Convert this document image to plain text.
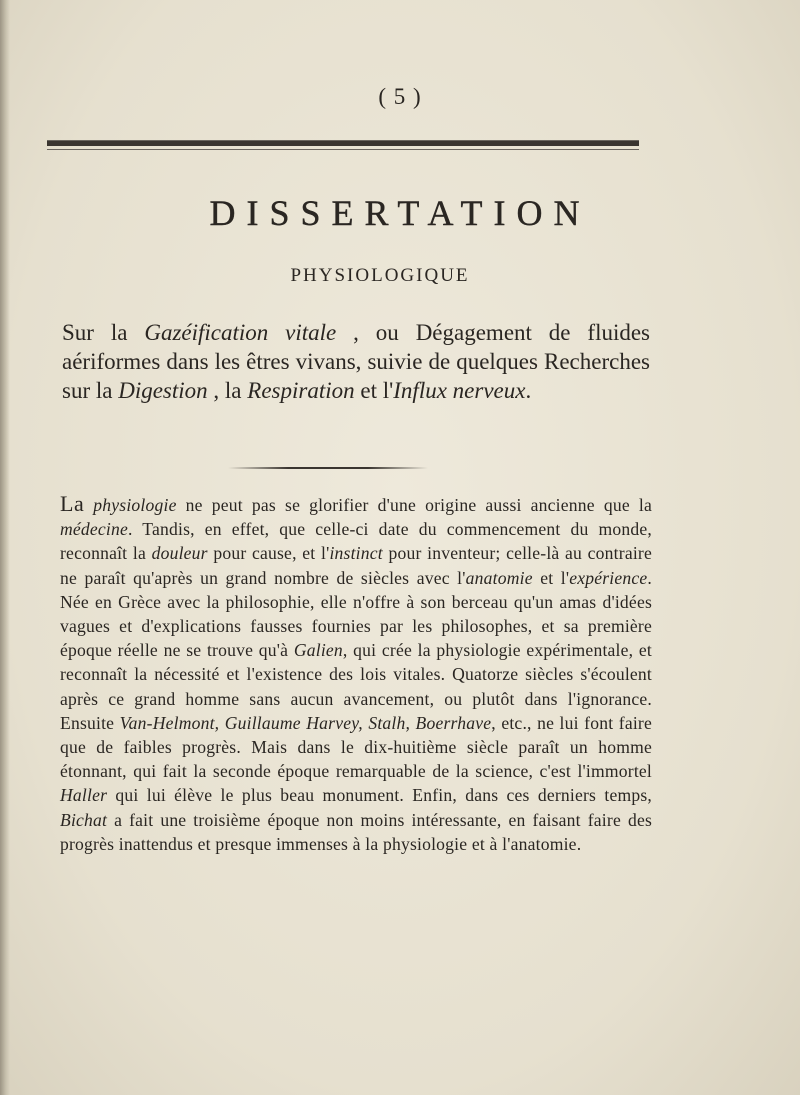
( 5 )
DISSERTATION
PHYSIOLOGIQUE
Sur la Gazéification vitale , ou Dégagement de fluides aériformes dans les êtres vivans, suivie de quelques Recherches sur la Digestion , la Respiration et l'Influx nerveux.
La physiologie ne peut pas se glorifier d'une origine aussi ancienne que la médecine. Tandis, en effet, que celle-ci date du commencement du monde, reconnaît la douleur pour cause, et l'instinct pour inventeur; celle-là au contraire ne paraît qu'après un grand nombre de siècles avec l'anatomie et l'expérience. Née en Grèce avec la philosophie, elle n'offre à son berceau qu'un amas d'idées vagues et d'explications fausses fournies par les philosophes, et sa première époque réelle ne se trouve qu'à Galien, qui crée la physiologie expérimentale, et reconnaît la nécessité et l'existence des lois vitales. Quatorze siècles s'écoulent après ce grand homme sans aucun avancement, ou plutôt dans l'ignorance. Ensuite Van-Helmont, Guillaume Harvey, Stalh, Boerrhave, etc., ne lui font faire que de faibles progrès. Mais dans le dix-huitième siècle paraît un homme étonnant, qui fait la seconde époque remarquable de la science, c'est l'immortel Haller qui lui élève le plus beau monument. Enfin, dans ces derniers temps, Bichat a fait une troisième époque non moins intéressante, en faisant faire des progrès inattendus et presque immenses à la physiologie et à l'anatomie.
